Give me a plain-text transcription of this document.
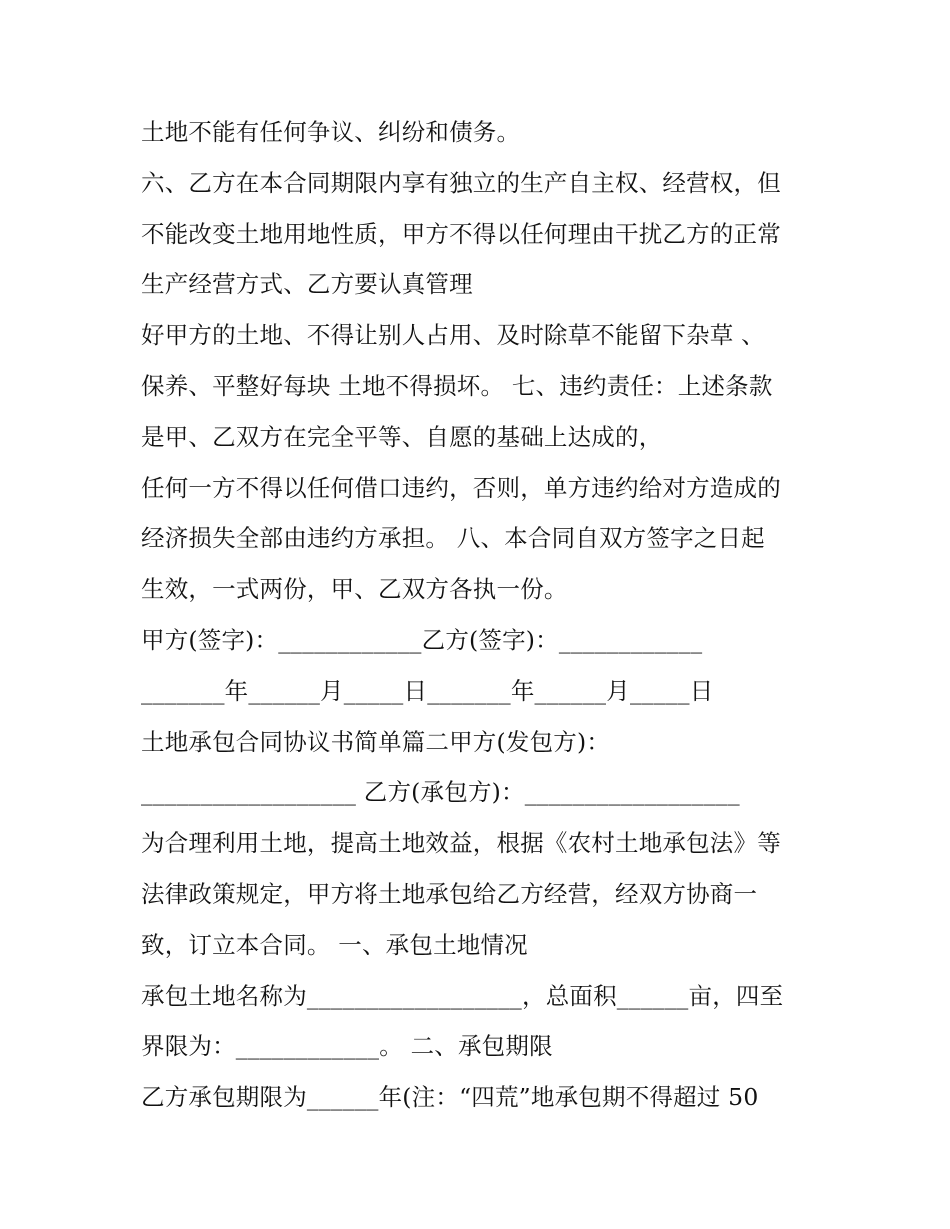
土地不能有任何争议、纠纷和债务。
六、乙方在本合同期限内享有独立的生产自主权、经营权，但
不能改变土地用地性质，甲方不得以任何理由干扰乙方的正常
生产经营方式、乙方要认真管理
好甲方的土地、不得让别人占用、及时除草不能留下杂草 、
保养、平整好每块 土地不得损坏。 七、违约责任：上述条款
是甲、乙双方在完全平等、自愿的基础上达成的，
任何一方不得以任何借口违约，否则，单方违约给对方造成的
经济损失全部由违约方承担。 八、本合同自双方签字之日起
生效，一式两份，甲、乙双方各执一份。
甲方(签字)：____________乙方(签字)：____________
_______年______月_____日_______年______月_____日
土地承包合同协议书简单篇二甲方(发包方)：
__________________ 乙方(承包方)：__________________
为合理利用土地，提高土地效益，根据《农村土地承包法》等
法律政策规定，甲方将土地承包给乙方经营，经双方协商一
致，订立本合同。 一、承包土地情况
承包土地名称为__________________，总面积______亩，四至
界限为：____________。 二、承包期限
乙方承包期限为______年(注：“四荒”地承包期不得超过 50
